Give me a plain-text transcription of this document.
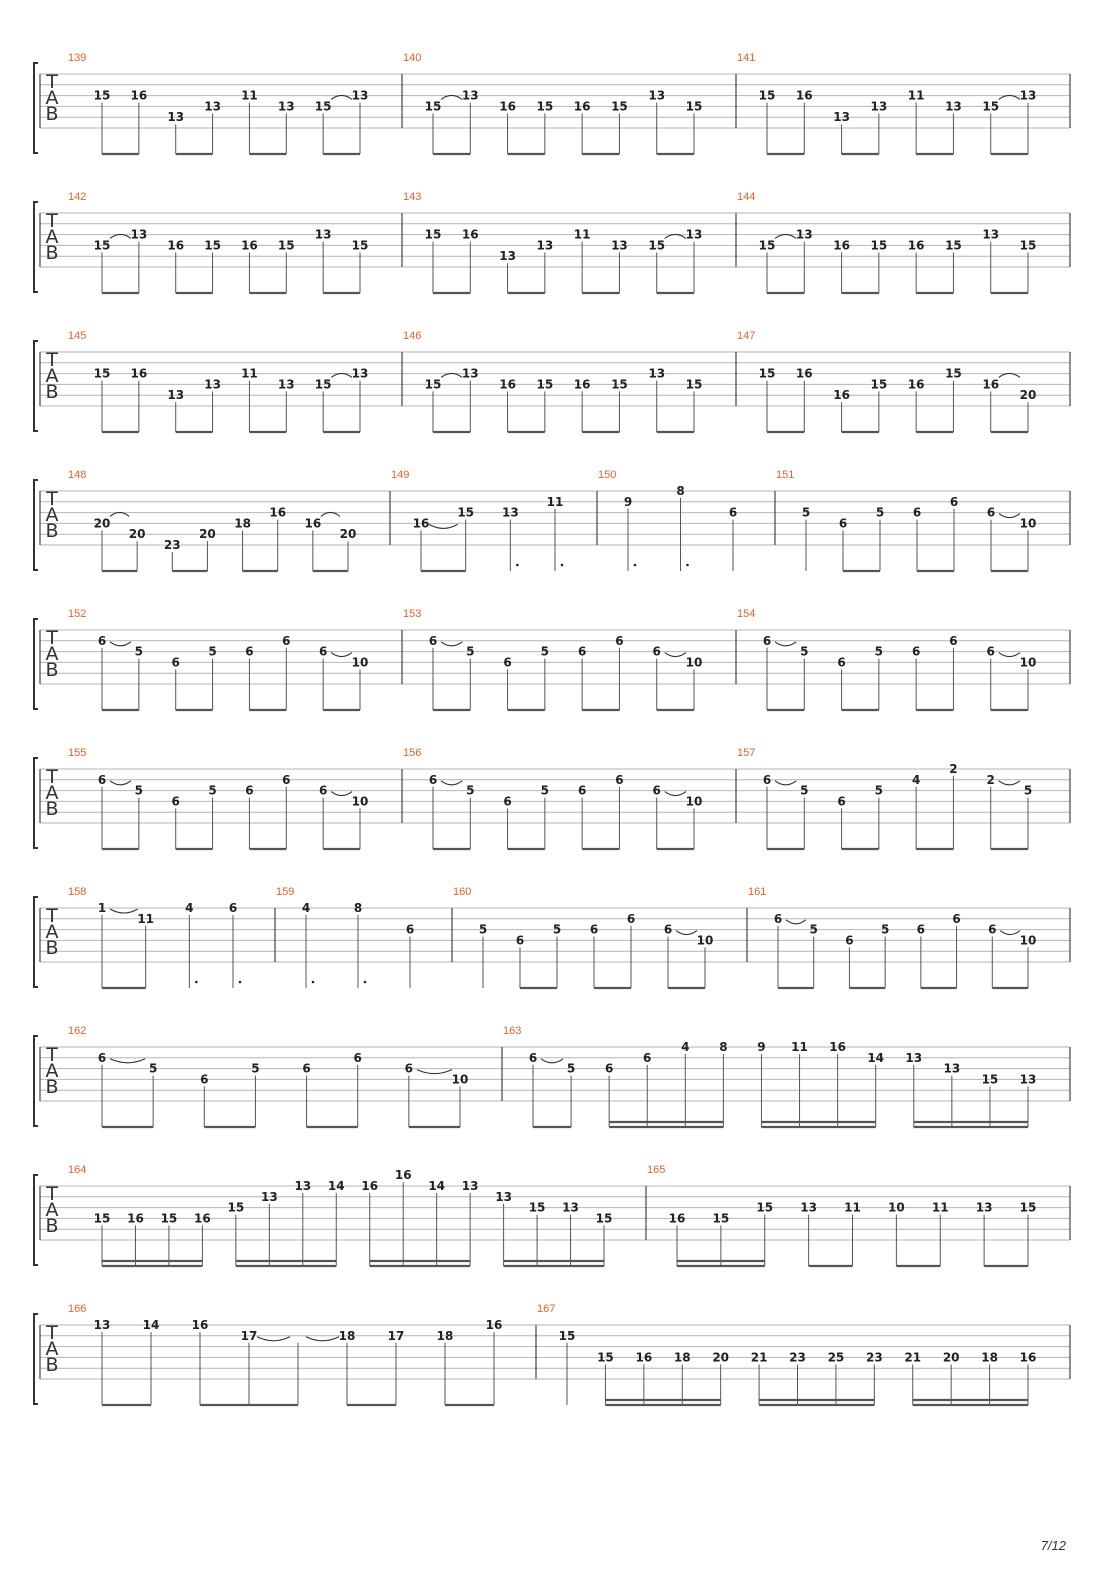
T
A
B
139
15 16
13
13
11
13 15
13
140
15
13
16 15 16 15
13
15
141
15 16
13
13
11
13 15
13
T
A
B
142
15
13
16 15 16 15
13
15
143
15 16
13
13
11
13 15
13
144
15
13
16 15 16 15
13
15
T
A
B
145
15 16
13
13
11
13 15
13
146
15
13
16 15 16 15
13
15
147
15 16
16
15 16
15
16
20
T
A
B
148
20
20
23
20
18
16
16
20
149
16
15 13
11
150
9
8
6
151
5
6
5 6
6
6
10
T
A
B
152
6
5
6
5 6
6
6
10
153
6
5
6
5 6
6
6
10
154
6
5
6
5 6
6
6
10
T
A
B
155
6
5
6
5 6
6
6
10
156
6
5
6
5 6
6
6
10
157
6
5
6
5
4
2
2
5
T
A
B
158
1
11
4	6
159
4	8
6
160
5
6
5 6
6
6
10
161
6
5
6
5 6
6
6
10
T
A
B
162
6
5
6
5	6
6
6
10
163
6
5 6
6
4 8 9 11 16
14 13
13
15 13
T
A
B
164
15 16 15 16
15
13
13 14 16
16
14 13
13
15 13
15
165
16 15
15 13 11 10 11 13 15
T
A
B
166
13	14	16
17	18	17	18
16
167
15
15 16 18 20 21 23 25 23 21 20 18 16
7/12
